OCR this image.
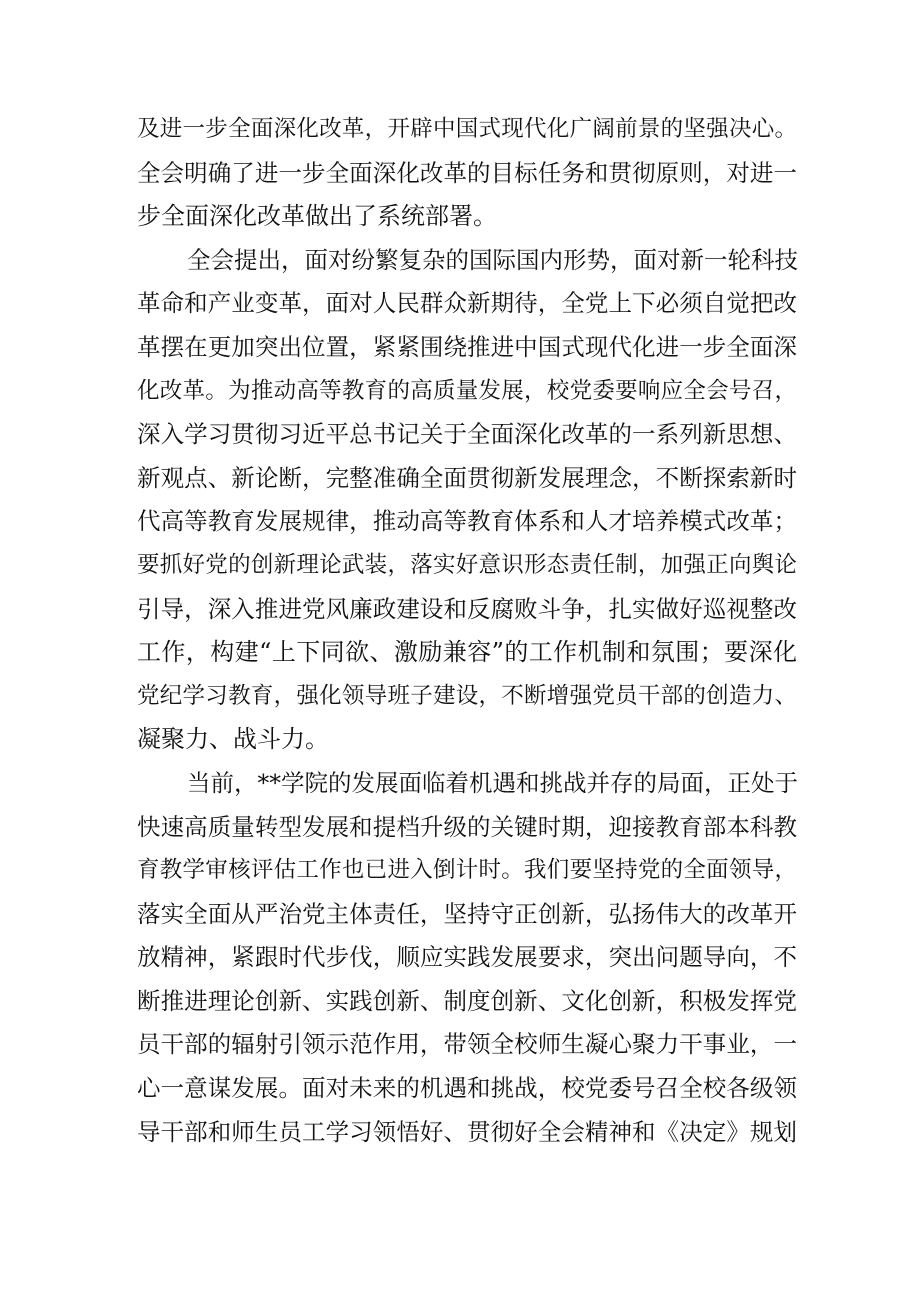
及进一步全面深化改革，开辟中国式现代化广阔前景的坚强决心。
全会明确了进一步全面深化改革的目标任务和贯彻原则，对进一
步全面深化改革做出了系统部署。
全会提出，面对纷繁复杂的国际国内形势，面对新一轮科技
革命和产业变革，面对人民群众新期待，全党上下必须自觉把改
革摆在更加突出位置，紧紧围绕推进中国式现代化进一步全面深
化改革。为推动高等教育的高质量发展，校党委要响应全会号召，
深入学习贯彻习近平总书记关于全面深化改革的一系列新思想、
新观点、新论断，完整准确全面贯彻新发展理念，不断探索新时
代高等教育发展规律，推动高等教育体系和人才培养模式改革；
要抓好党的创新理论武装，落实好意识形态责任制，加强正向舆论
引导，深入推进党风廉政建设和反腐败斗争，扎实做好巡视整改
工作，构建“上下同欲、激励兼容”的工作机制和氛围；要深化
党纪学习教育，强化领导班子建设，不断增强党员干部的创造力、
凝聚力、战斗力。
当前，**学院的发展面临着机遇和挑战并存的局面，正处于
快速高质量转型发展和提档升级的关键时期，迎接教育部本科教
育教学审核评估工作也已进入倒计时。我们要坚持党的全面领导，
落实全面从严治党主体责任，坚持守正创新，弘扬伟大的改革开
放精神，紧跟时代步伐，顺应实践发展要求，突出问题导向，不
断推进理论创新、实践创新、制度创新、文化创新，积极发挥党
员干部的辐射引领示范作用，带领全校师生凝心聚力干事业，一
心一意谋发展。面对未来的机遇和挑战，校党委号召全校各级领
导干部和师生员工学习领悟好、贯彻好全会精神和《决定》规划
